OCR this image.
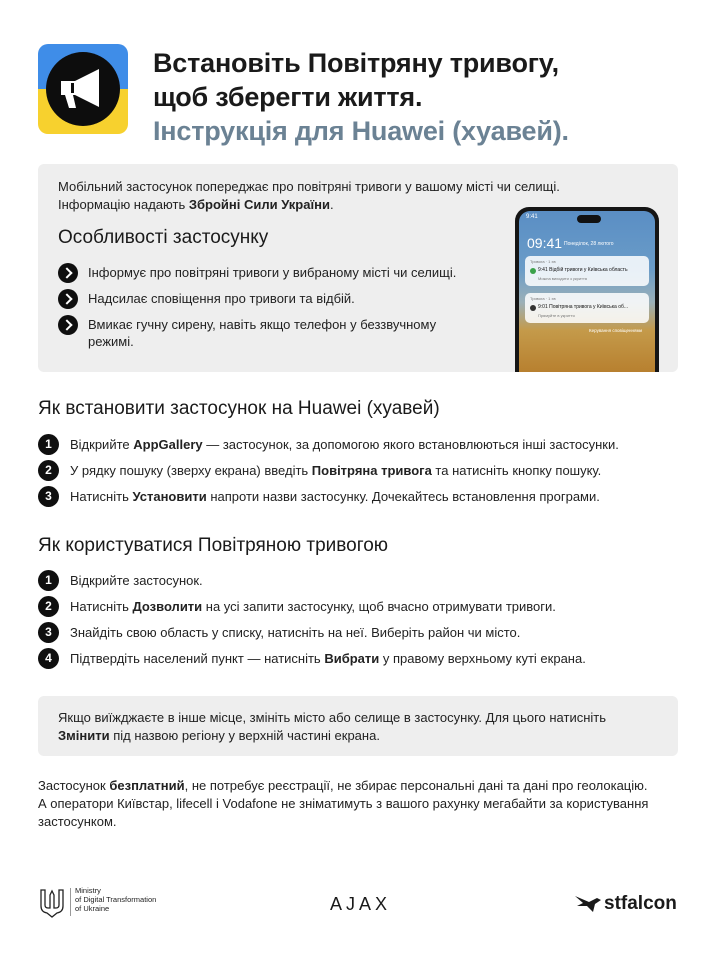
Встановіть Повітряну тривогу,
щоб зберегти життя.
Інструкція для Huawei (хуавей).
Мобільний застосунок попереджає про повітряні тривоги у вашому місті чи селищі.
Інформацію надають Збройні Сили України.
Особливості застосунку
Інформує про повітряні тривоги у вибраному місті чи селищі.
Надсилає сповіщення про тривоги та відбій.
Вмикає гучну сирену, навіть якщо телефон у беззвучному режимі.
9:41
09:41 Понеділок, 28 лютого
Тривога · 1 хв
9:41 Відбій тривоги у Київська область
Можна виходити з укриття
Тривога · 1 хв
9:01 Повітряна тривога у Київська об...
Прямуйте в укриття
Керування сповіщеннями
Як встановити застосунок на Huawei (хуавей)
1	Відкрийте AppGallery — застосунок, за допомогою якого встановлюються інші застосунки.
2	У рядку пошуку (зверху екрана) введіть Повітряна тривога та натисніть кнопку пошуку.
3	Натисніть Установити напроти назви застосунку. Дочекайтесь встановлення програми.
Як користуватися Повітряною тривогою
1	Відкрийте застосунок.
2	Натисніть Дозволити на усі запити застосунку, щоб вчасно отримувати тривоги.
3	Знайдіть свою область у списку, натисніть на неї. Виберіть район чи місто.
4	Підтвердіть населений пункт — натисніть Вибрати у правому верхньому куті екрана.
Якщо виїжджаєте в інше місце, змініть місто або селище в застосунку. Для цього натисніть
Змінити під назвою регіону у верхній частині екрана.
Застосунок безплатний, не потребує реєстрації, не збирає персональні дані та дані про геолокацію.
А оператори Київстар, lifecell і Vodafone не зніматимуть з вашого рахунку мегабайти за користування
застосунком.
Ministry
of Digital Transformation
of Ukraine	AJAX	stfalcon
